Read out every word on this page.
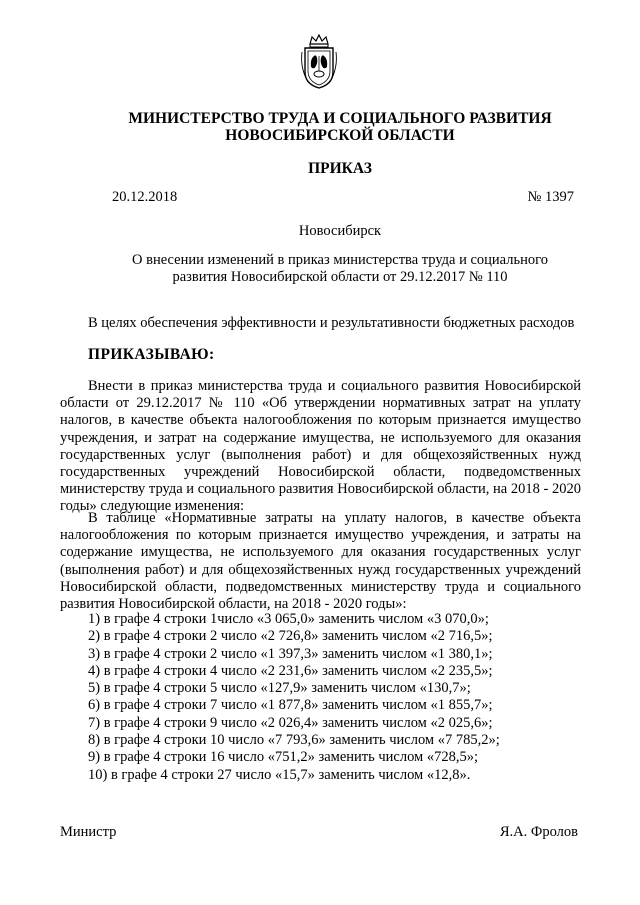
МИНИСТЕРСТВО ТРУДА И СОЦИАЛЬНОГО РАЗВИТИЯ
НОВОСИБИРСКОЙ ОБЛАСТИ
ПРИКАЗ
20.12.2018	№ 1397
Новосибирск
О внесении изменений в приказ министерства труда и социального
развития Новосибирской области от 29.12.2017 № 110
В целях обеспечения эффективности и результативности бюджетных расходов
ПРИКАЗЫВАЮ:

Внести в приказ министерства труда и социального развития Новосибирской области от 29.12.2017 № 110 «Об утверждении нормативных затрат на уплату налогов, в качестве объекта налогообложения по которым признается имущество учреждения, и затрат на содержание имущества, не используемого для оказания государственных услуг (выполнения работ) и для общехозяйственных нужд государственных учреждений Новосибирской области, подведомственных министерству труда и социального развития Новосибирской области, на 2018 - 2020 годы» следующие изменения:

В таблице «Нормативные затраты на уплату налогов, в качестве объекта налогообложения по которым признается имущество учреждения, и затраты на содержание имущества, не используемого для оказания государственных услуг (выполнения работ) и для общехозяйственных нужд государственных учреждений Новосибирской области, подведомственных министерству труда и социального развития Новосибирской области, на 2018 - 2020 годы»:

1) в графе 4 строки 1число «3 065,0» заменить числом «3 070,0»;
2) в графе 4 строки 2 число «2 726,8» заменить числом «2 716,5»;
3) в графе 4 строки 2 число «1 397,3» заменить числом «1 380,1»;
4) в графе 4 строки 4 число «2 231,6» заменить числом «2 235,5»;
5) в графе 4 строки 5 число «127,9» заменить числом «130,7»;
6) в графе 4 строки 7 число «1 877,8» заменить числом «1 855,7»;
7) в графе 4 строки 9 число «2 026,4» заменить числом «2 025,6»;
8) в графе 4 строки 10 число «7 793,6» заменить числом «7 785,2»;
9) в графе 4 строки 16 число «751,2» заменить числом «728,5»;
10) в графе 4 строки 27 число «15,7» заменить числом «12,8».
Министр	Я.А. Фролов
